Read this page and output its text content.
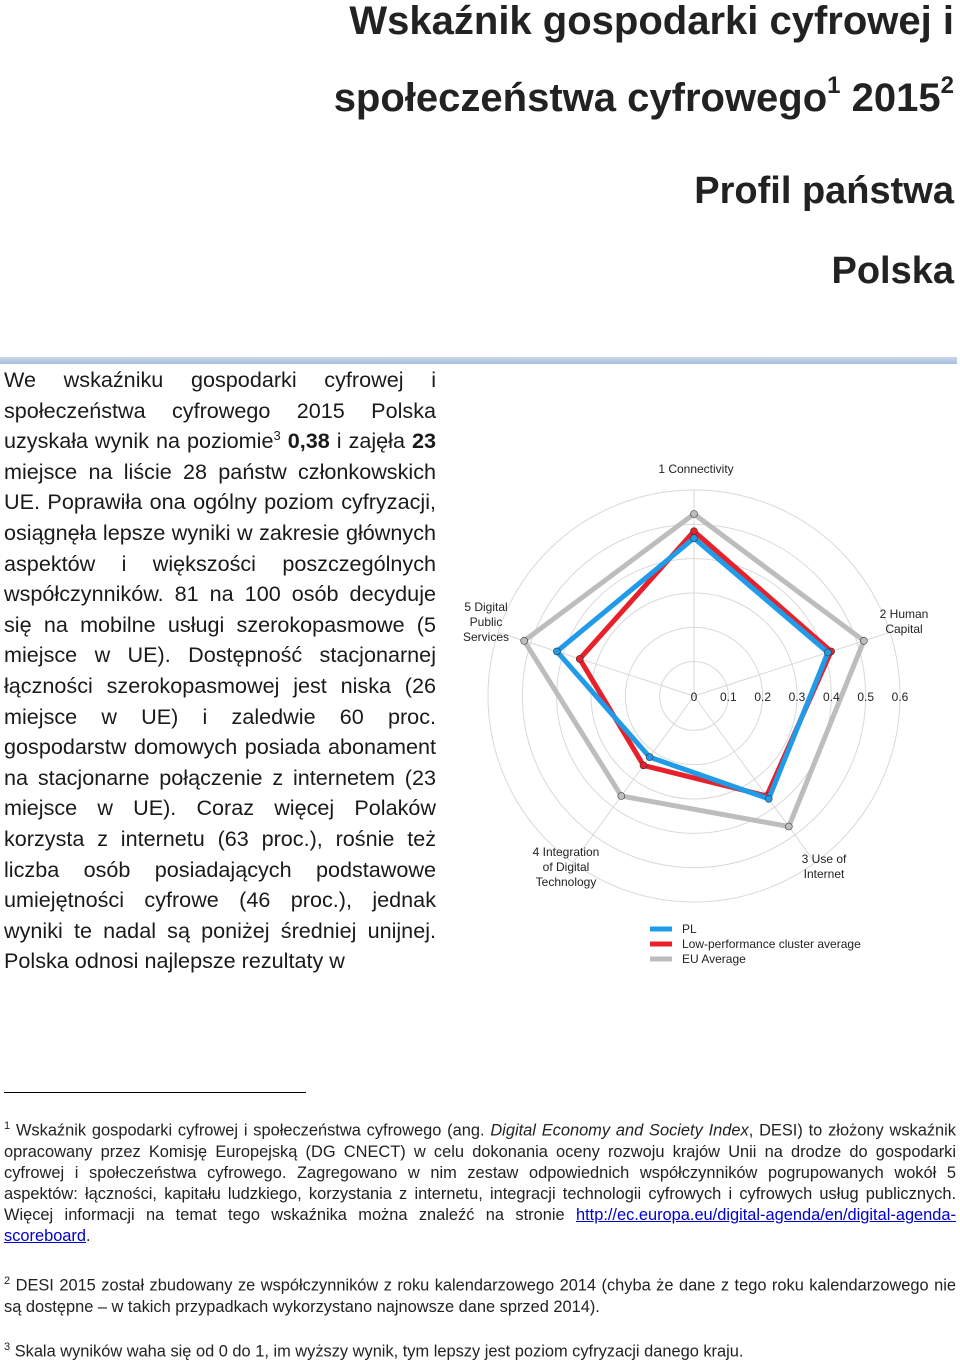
Wskaźnik gospodarki cyfrowej i
społeczeństwa cyfrowego$^1$ 2015$^2$
Profil państwa
Polska

We wskaźniku gospodarki cyfrowej i społeczeństwa cyfrowego 2015 Polska uzyskała wynik na poziomie$^3$ 0,38 i zajęła 23 miejsce na liście 28 państw członkowskich UE. Poprawiła ona ogólny poziom cyfryzacji, osiągnęła lepsze wyniki w zakresie głównych aspektów i większości poszczególnych współczynników. 81 na 100 osób decyduje się na mobilne usługi szerokopasmowe (5 miejsce w UE). Dostępność stacjonarnej łączności szerokopasmowej jest niska (26 miejsce w UE) i zaledwie 60 proc. gospodarstw domowych posiada abonament na stacjonarne połączenie z internetem (23 miejsce w UE). Coraz więcej Polaków korzysta z internetu (63 proc.), rośnie też liczba osób posiadających podstawowe umiejętności cyfrowe (46 proc.), jednak wyniki te nadal są poniżej średniej unijnej. Polska odnosi najlepsze rezultaty w

0 0.1 0.2 0.3 0.4 0.5 0.6
1 Connectivity
2 Human Capital
3 Use of Internet
4 Integration of Digital Technology
5 Digital Public Services
PL
Low-performance cluster average
EU Average

$^1$ Wskaźnik gospodarki cyfrowej i społeczeństwa cyfrowego (ang. Digital Economy and Society Index, DESI) to złożony wskaźnik opracowany przez Komisję Europejską (DG CNECT) w celu dokonania oceny rozwoju krajów Unii na drodze do gospodarki cyfrowej i społeczeństwa cyfrowego. Zagregowano w nim zestaw odpowiednich współczynników pogrupowanych wokół 5 aspektów: łączności, kapitału ludzkiego, korzystania z internetu, integracji technologii cyfrowych i cyfrowych usług publicznych. Więcej informacji na temat tego wskaźnika można znaleźć na stronie http://ec.europa.eu/digital-agenda/en/digital-agenda-scoreboard.

$^2$ DESI 2015 został zbudowany ze współczynników z roku kalendarzowego 2014 (chyba że dane z tego roku kalendarzowego nie są dostępne – w takich przypadkach wykorzystano najnowsze dane sprzed 2014).

$^3$ Skala wyników waha się od 0 do 1, im wyższy wynik, tym lepszy jest poziom cyfryzacji danego kraju.
